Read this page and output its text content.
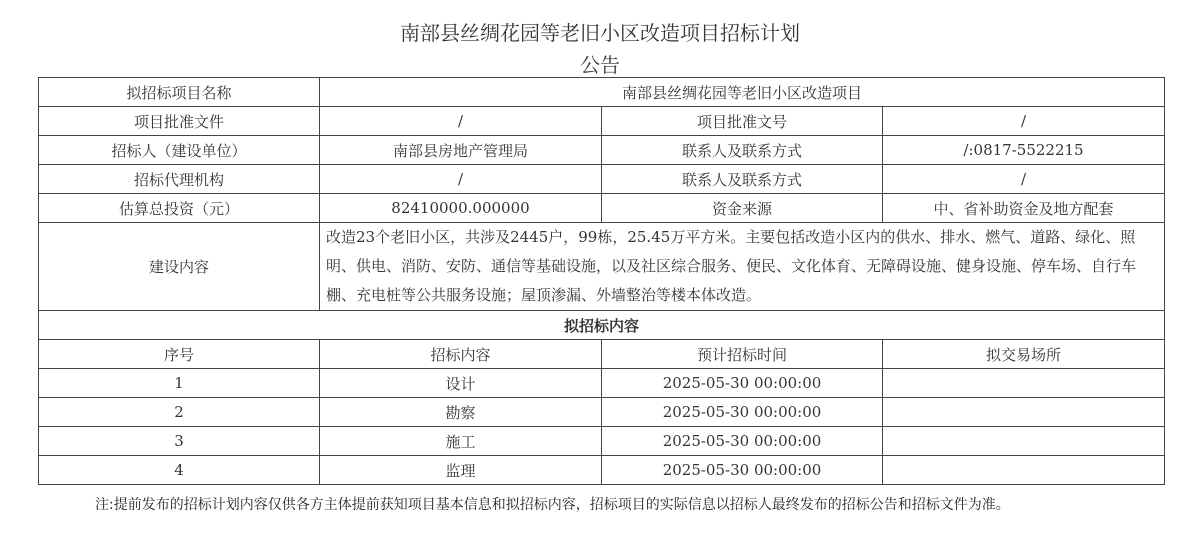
南部县丝绸花园等老旧小区改造项目招标计划
公告
拟招标项目名称	南部县丝绸花园等老旧小区改造项目		
项目批准文件	/	项目批准文号	/
招标人（建设单位）	南部县房地产管理局	联系人及联系方式	/:0817-5522215
招标代理机构	/	联系人及联系方式	/
估算总投资（元）	82410000.000000	资金来源	中、省补助资金及地方配套
建设内容	改造23个老旧小区，共涉及2445户，99栋，25.45万平方米。主要包括改造小区内的供水、排水、燃气、道路、绿化、照明、供电、消防、安防、通信等基础设施，以及社区综合服务、便民、文化体育、无障碍设施、健身设施、停车场、自行车棚、充电桩等公共服务设施；屋顶渗漏、外墙整治等楼本体改造。		
拟招标内容			
序号	招标内容	预计招标时间	拟交易场所
1	设计	2025-05-30 00:00:00	
2	勘察	2025-05-30 00:00:00	
3	施工	2025-05-30 00:00:00	
4	监理	2025-05-30 00:00:00	
注:提前发布的招标计划内容仅供各方主体提前获知项目基本信息和拟招标内容，招标项目的实际信息以招标人最终发布的招标公告和招标文件为准。
